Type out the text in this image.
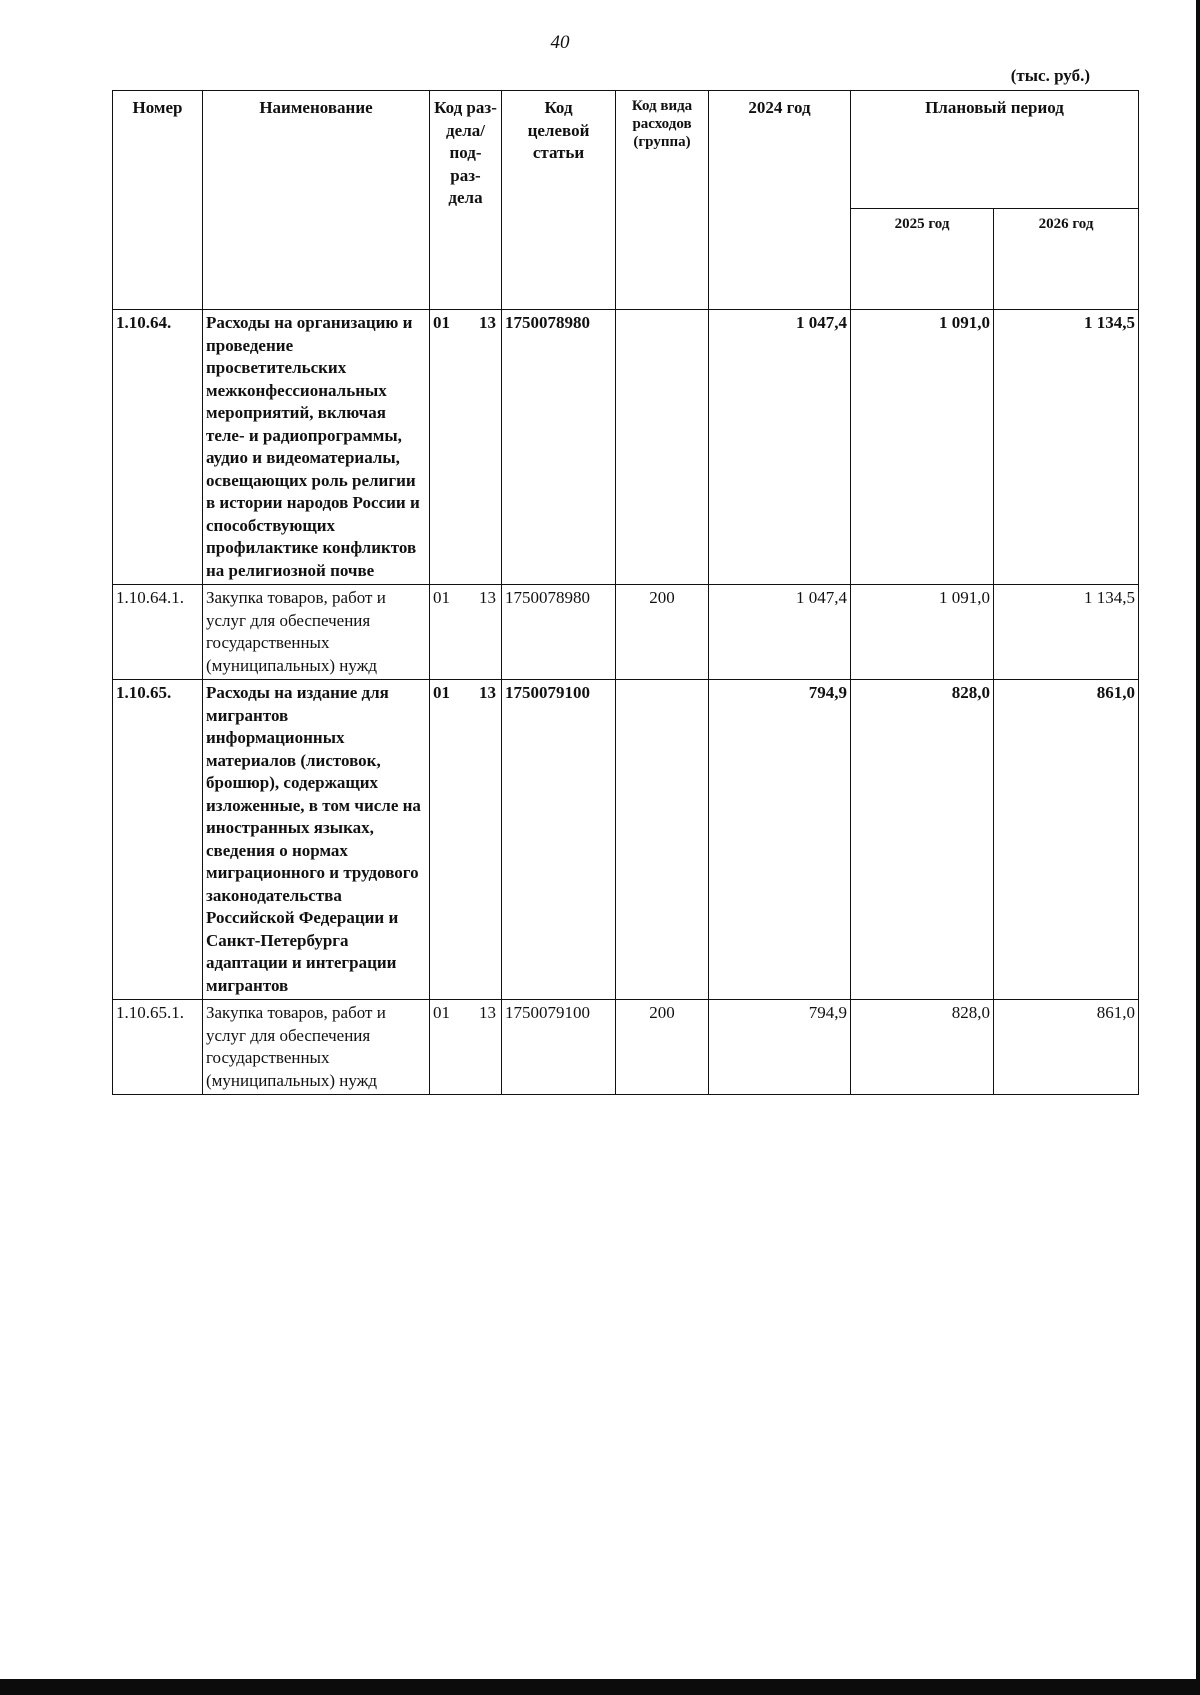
40
(тыс. руб.)
Номер	Наименование	Код раз-
дела/
под-
раз-
дела	Код
целевой
статьи	Код вида
расходов
(группа)	2024 год	Плановый период	
						2025 год	2026 год
1.10.64.	Расходы на организацию и проведение просветительских межконфессиональных мероприятий, включая теле- и радиопрограммы, аудио и видеоматериалы, освещающих роль религии в истории народов России и способствующих профилактике конфликтов на религиозной почве	01 13	1750078980		1 047,4	1 091,0	1 134,5
1.10.64.1.	Закупка товаров, работ и услуг для обеспечения государственных (муниципальных) нужд	01 13	1750078980	200	1 047,4	1 091,0	1 134,5
1.10.65.	Расходы на издание для мигрантов информационных материалов (листовок, брошюр), содержащих изложенные, в том числе на иностранных языках, сведения о нормах миграционного и трудового законодательства Российской Федерации и Санкт-Петербурга адаптации и интеграции мигрантов	01 13	1750079100		794,9	828,0	861,0
1.10.65.1.	Закупка товаров, работ и услуг для обеспечения государственных (муниципальных) нужд	01 13	1750079100	200	794,9	828,0	861,0
